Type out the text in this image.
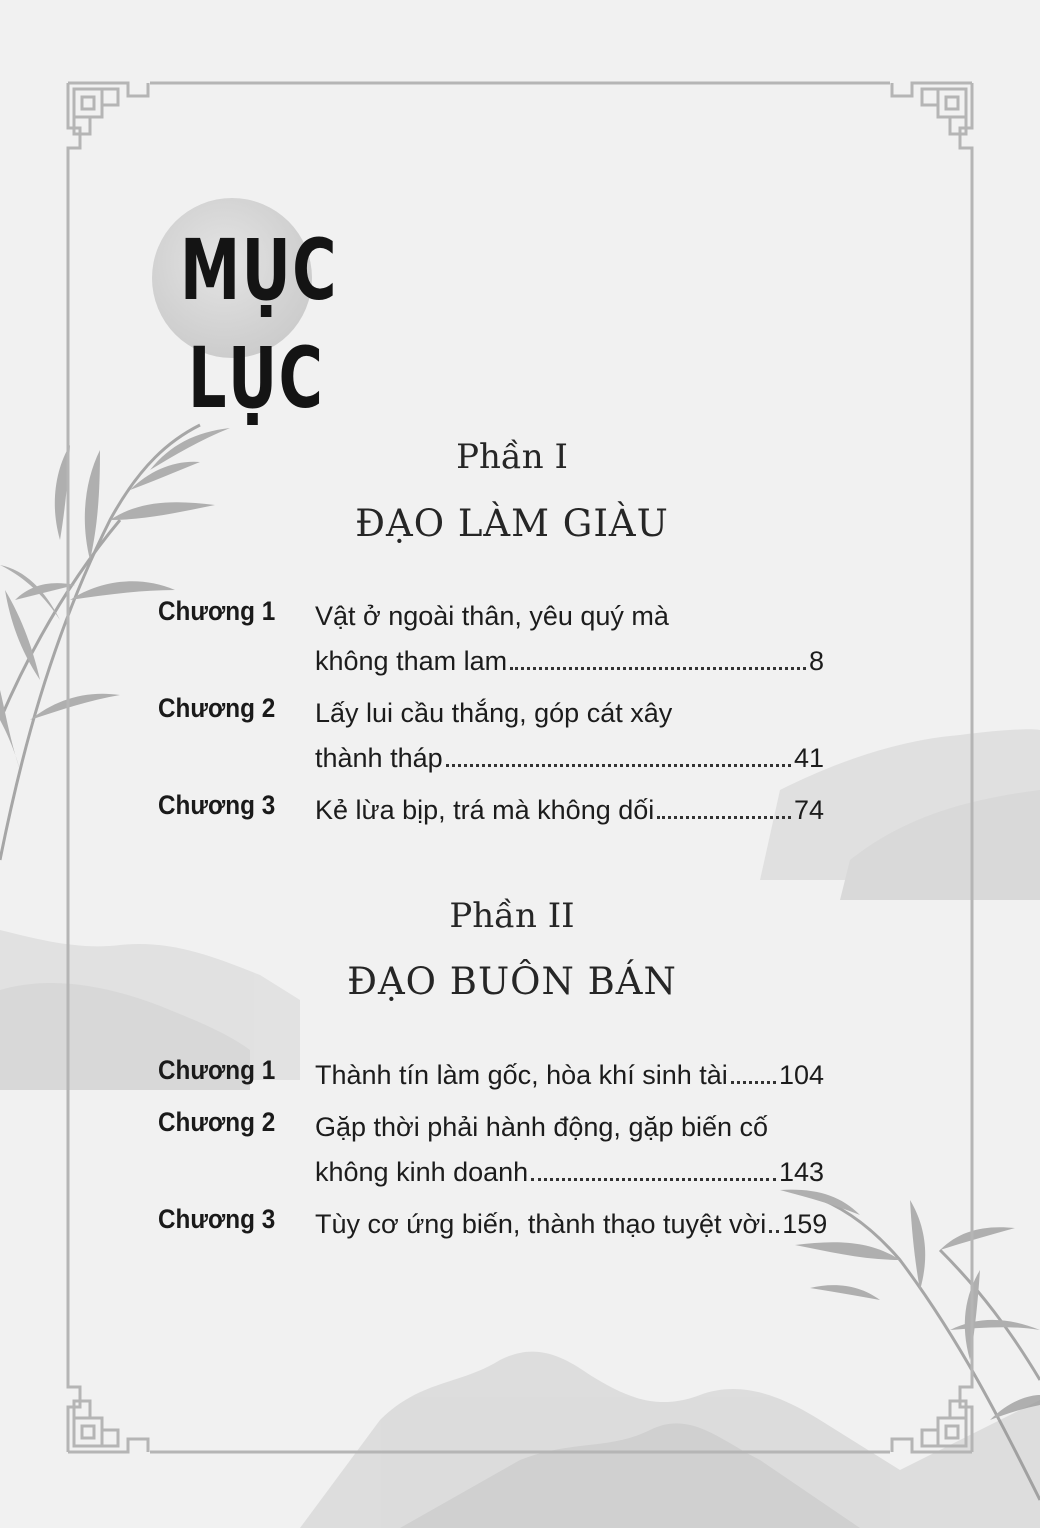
MỤC
LỤC
Phần I
ĐẠO LÀM GIÀU
Chương 1 Vật ở ngoài thân, yêu quý mà
không tham lam	8
Chương 2 Lấy lui cầu thắng, góp cát xây
thành tháp	41
Chương 3 Kẻ lừa bịp, trá mà không dối	74
Phần II
ĐẠO BUÔN BÁN
Chương 1 Thành tín làm gốc, hòa khí sinh tài 104
Chương 2 Gặp thời phải hành động, gặp biến cố
không kinh doanh	143
Chương 3 Tùy cơ ứng biến, thành thạo tuyệt vời 159
